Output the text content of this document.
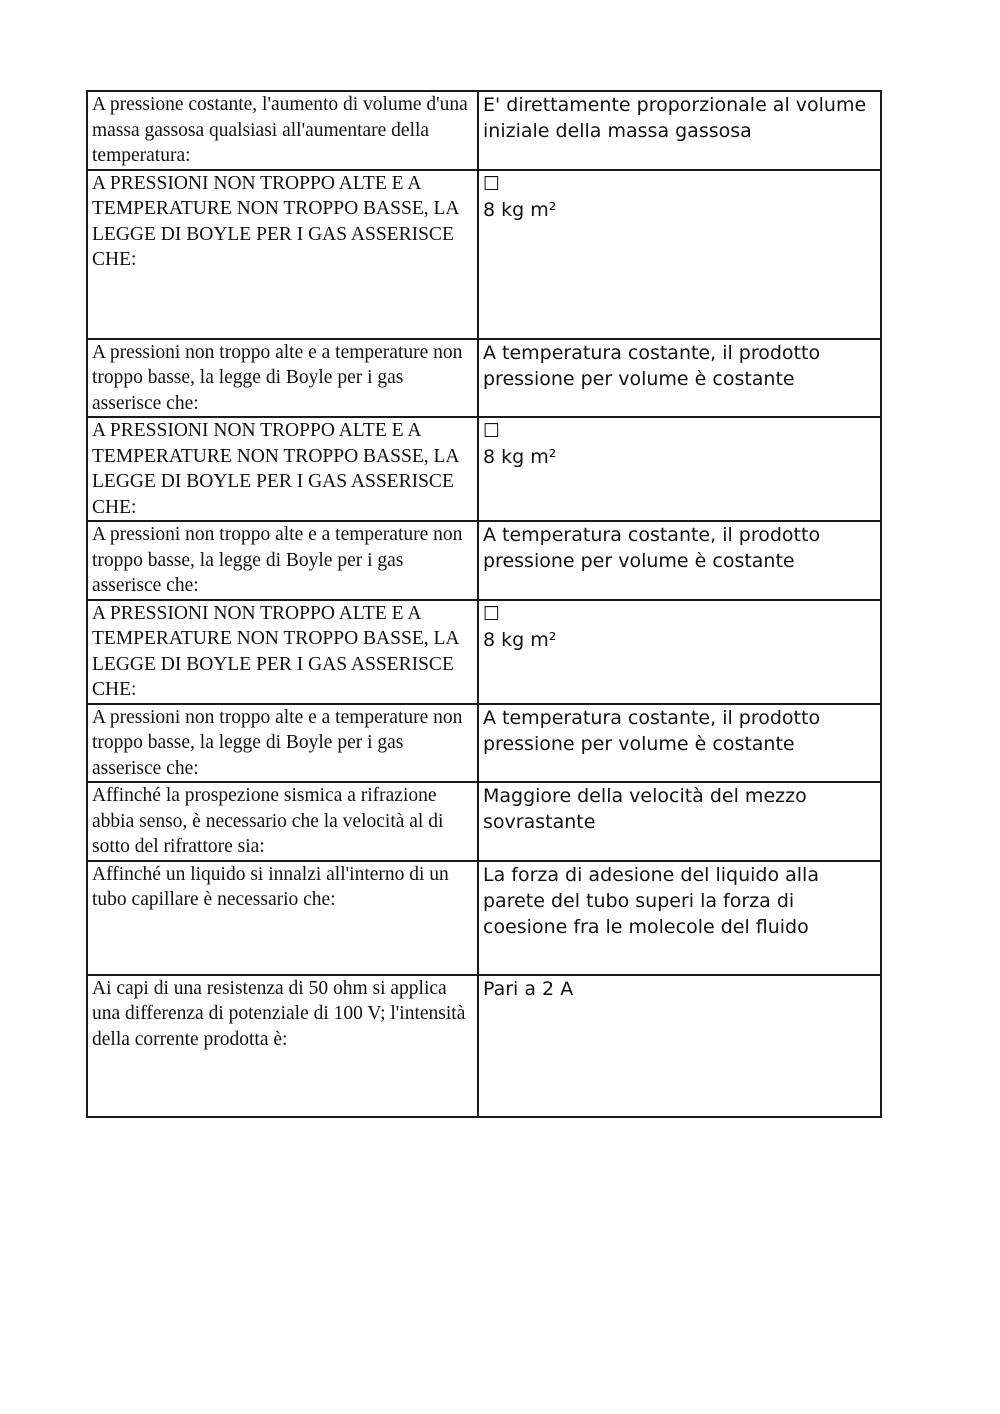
A pressione costante, l'aumento di volume d'una massa gassosa qualsiasi all'aumentare della temperatura:	E' direttamente proporzionale al volume iniziale della massa gassosa
A PRESSIONI NON TROPPO ALTE E A TEMPERATURE NON TROPPO BASSE, LA LEGGE DI BOYLE PER I GAS ASSERISCE CHE:	☐
8 kg m²

A pressioni non troppo alte e a temperature non troppo basse, la legge di Boyle per i gas asserisce che:	A temperatura costante, il prodotto pressione per volume è costante
A PRESSIONI NON TROPPO ALTE E A TEMPERATURE NON TROPPO BASSE, LA LEGGE DI BOYLE PER I GAS ASSERISCE CHE:	☐
8 kg m²

A pressioni non troppo alte e a temperature non troppo basse, la legge di Boyle per i gas asserisce che:	A temperatura costante, il prodotto pressione per volume è costante
A PRESSIONI NON TROPPO ALTE E A TEMPERATURE NON TROPPO BASSE, LA LEGGE DI BOYLE PER I GAS ASSERISCE CHE:	☐
8 kg m²

A pressioni non troppo alte e a temperature non troppo basse, la legge di Boyle per i gas asserisce che:	A temperatura costante, il prodotto pressione per volume è costante
Affinché la prospezione sismica a rifrazione abbia senso, è necessario che la velocità al di sotto del rifrattore sia:	Maggiore della velocità del mezzo sovrastante
Affinché un liquido si innalzi all'interno di un tubo capillare è necessario che:	La forza di adesione del liquido alla parete del tubo superi la forza di coesione fra le molecole del fluido
Ai capi di una resistenza di 50 ohm si applica una differenza di potenziale di 100 V; l'intensità della corrente prodotta è:	Pari a 2 A
